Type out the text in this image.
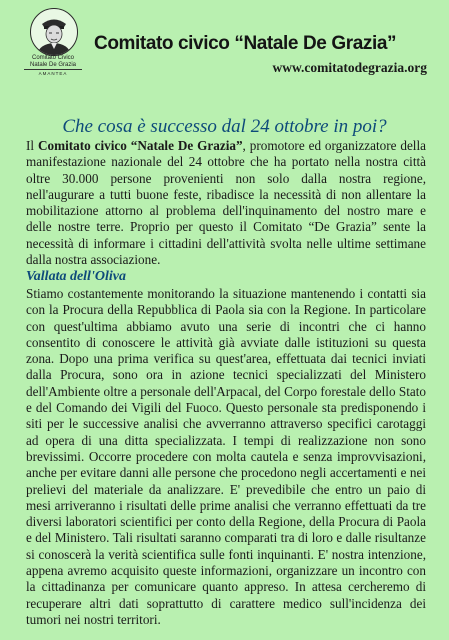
Comitato Civico
Natale De Grazia
AMANTEA
Comitato civico “Natale De Grazia”
www.comitatodegrazia.org
Che cosa è successo dal 24 ottobre in poi?

Il Comitato civico “Natale De Grazia”, promotore ed organizzatore della manifestazione nazionale del 24 ottobre che ha portato nella nostra città oltre 30.000 persone provenienti non solo dalla nostra regione, nell'augurare a tutti buone feste, ribadisce la necessità di non allentare la mobilitazione attorno al problema dell'inquinamento del nostro mare e delle nostre terre. Proprio per questo il Comitato “De Grazia” sente la necessità di informare i cittadini dell'attività svolta nelle ultime settimane dalla nostra associazione.

Vallata dell'Oliva

Stiamo costantemente monitorando la situazione mantenendo i contatti sia con la Procura della Repubblica di Paola sia con la Regione. In particolare con quest'ultima abbiamo avuto una serie di incontri che ci hanno consentito di conoscere le attività già avviate dalle istituzioni su questa zona. Dopo una prima verifica su quest'area, effettuata dai tecnici inviati dalla Procura, sono ora in azione tecnici specializzati del Ministero dell'Ambiente oltre a personale dell'Arpacal, del Corpo forestale dello Stato e del Comando dei Vigili del Fuoco. Questo personale sta predisponendo i siti per le successive analisi che avverranno attraverso specifici carotaggi ad opera di una ditta specializzata. I tempi di realizzazione non sono brevissimi. Occorre procedere con molta cautela e senza improvvisazioni, anche per evitare danni alle persone che procedono negli accertamenti e nei prelievi del materiale da analizzare. E' prevedibile che entro un paio di mesi arriveranno i risultati delle prime analisi che verranno effettuati da tre diversi laboratori scientifici per conto della Regione, della Procura di Paola e del Ministero. Tali risultati saranno comparati tra di loro e dalle risultanze si conoscerà la verità scientifica sulle fonti inquinanti. E' nostra intenzione, appena avremo acquisito queste informazioni, organizzare un incontro con la cittadinanza per comunicare quanto appreso. In attesa cercheremo di recuperare altri dati soprattutto di carattere medico sull'incidenza dei tumori nei nostri territori.
